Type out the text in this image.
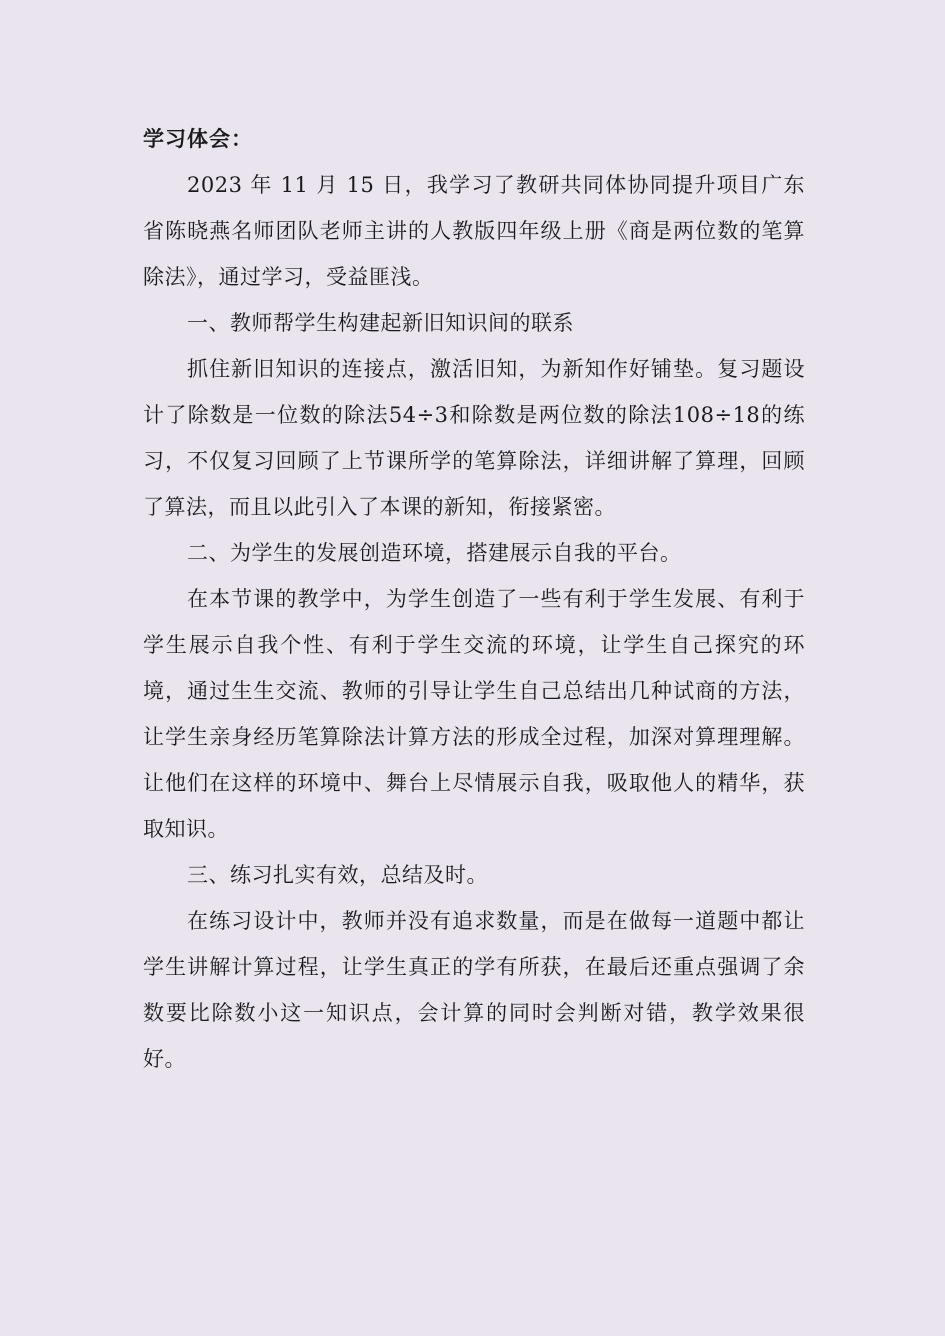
学习体会：

2023 年 11 月 15 日，我学习了教研共同体协同提升项目广东省陈晓燕名师团队老师主讲的人教版四年级上册《商是两位数的笔算除法》，通过学习，受益匪浅。

一、教师帮学生构建起新旧知识间的联系

抓住新旧知识的连接点，激活旧知，为新知作好铺垫。复习题设计了除数是一位数的除法54÷3和除数是两位数的除法108÷18的练习，不仅复习回顾了上节课所学的笔算除法，详细讲解了算理，回顾了算法，而且以此引入了本课的新知，衔接紧密。

二、为学生的发展创造环境，搭建展示自我的平台。

在本节课的教学中，为学生创造了一些有利于学生发展、有利于学生展示自我个性、有利于学生交流的环境，让学生自己探究的环境，通过生生交流、教师的引导让学生自己总结出几种试商的方法，让学生亲身经历笔算除法计算方法的形成全过程，加深对算理理解。让他们在这样的环境中、舞台上尽情展示自我，吸取他人的精华，获取知识。

三、练习扎实有效，总结及时。

在练习设计中，教师并没有追求数量，而是在做每一道题中都让学生讲解计算过程，让学生真正的学有所获，在最后还重点强调了余数要比除数小这一知识点，会计算的同时会判断对错，教学效果很好。
